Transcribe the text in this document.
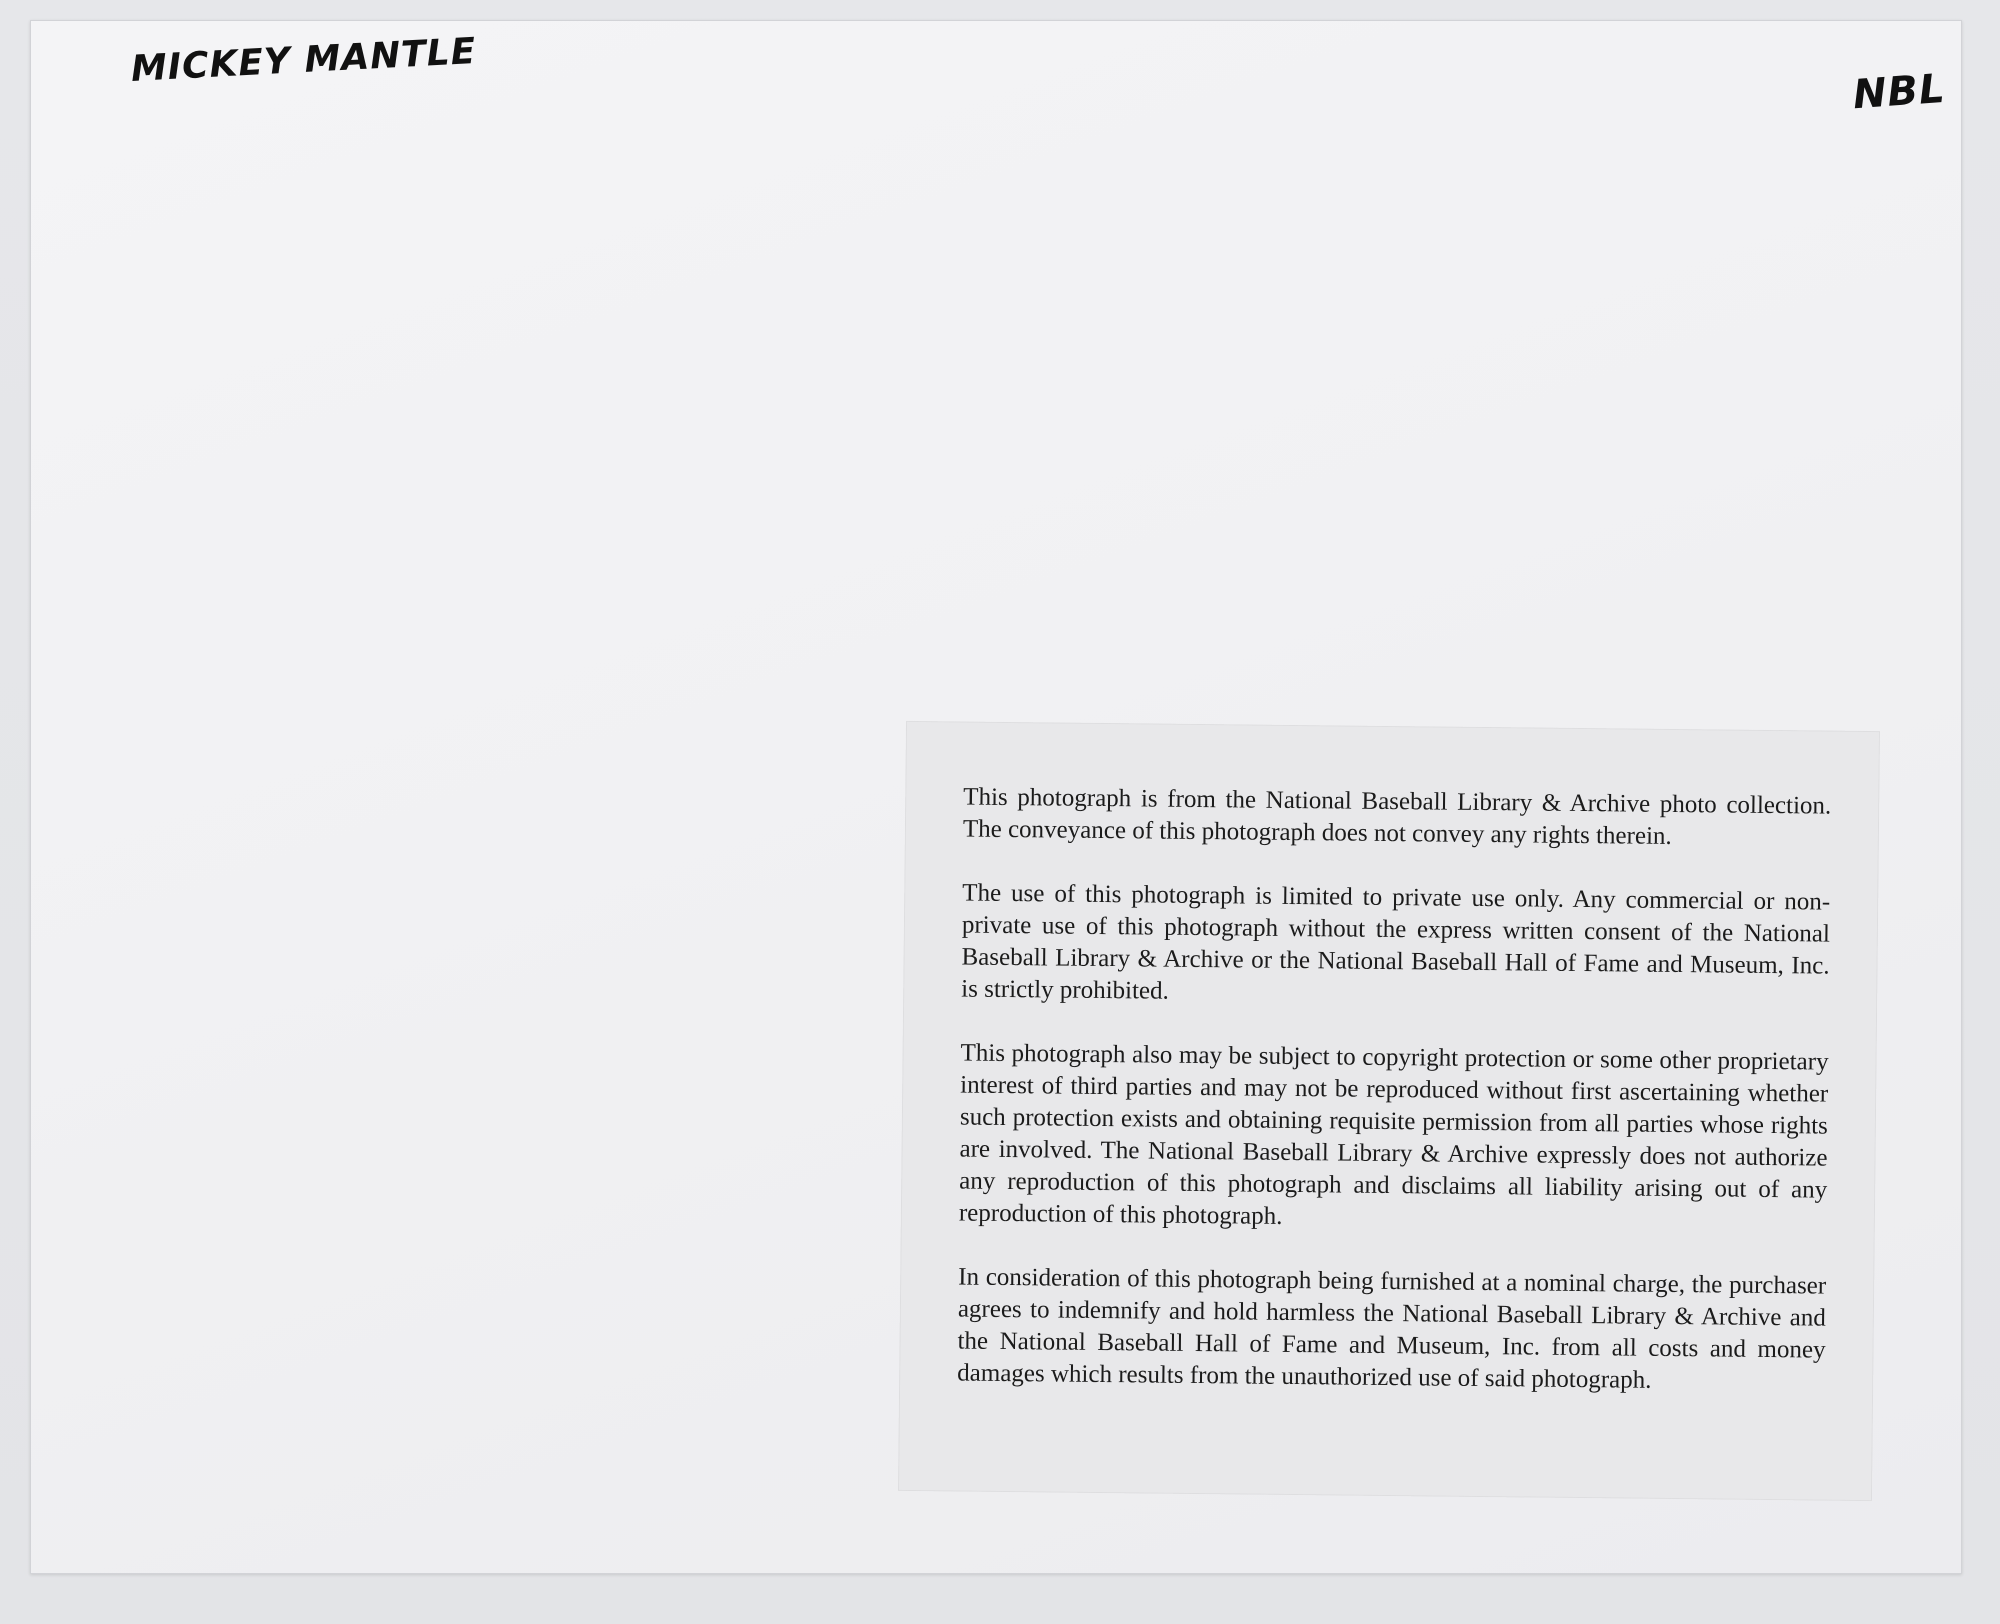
MICKEY MANTLE
NBL

This photograph is from the National Baseball Library & Archive photo collection. The conveyance of this photograph does not convey any rights therein.

The use of this photograph is limited to private use only. Any commercial or non-private use of this photograph without the express written consent of the National Baseball Library & Archive or the National Baseball Hall of Fame and Museum, Inc. is strictly prohibited.

This photograph also may be subject to copyright protection or some other proprietary interest of third parties and may not be reproduced without first ascertaining whether such protection exists and obtaining requisite permission from all parties whose rights are involved. The National Baseball Library & Archive expressly does not authorize any reproduction of this photograph and disclaims all liability arising out of any reproduction of this photograph.

In consideration of this photograph being furnished at a nominal charge, the purchaser agrees to indemnify and hold harmless the National Baseball Library & Archive and the National Baseball Hall of Fame and Museum, Inc. from all costs and money damages which results from the unauthorized use of said photograph.
